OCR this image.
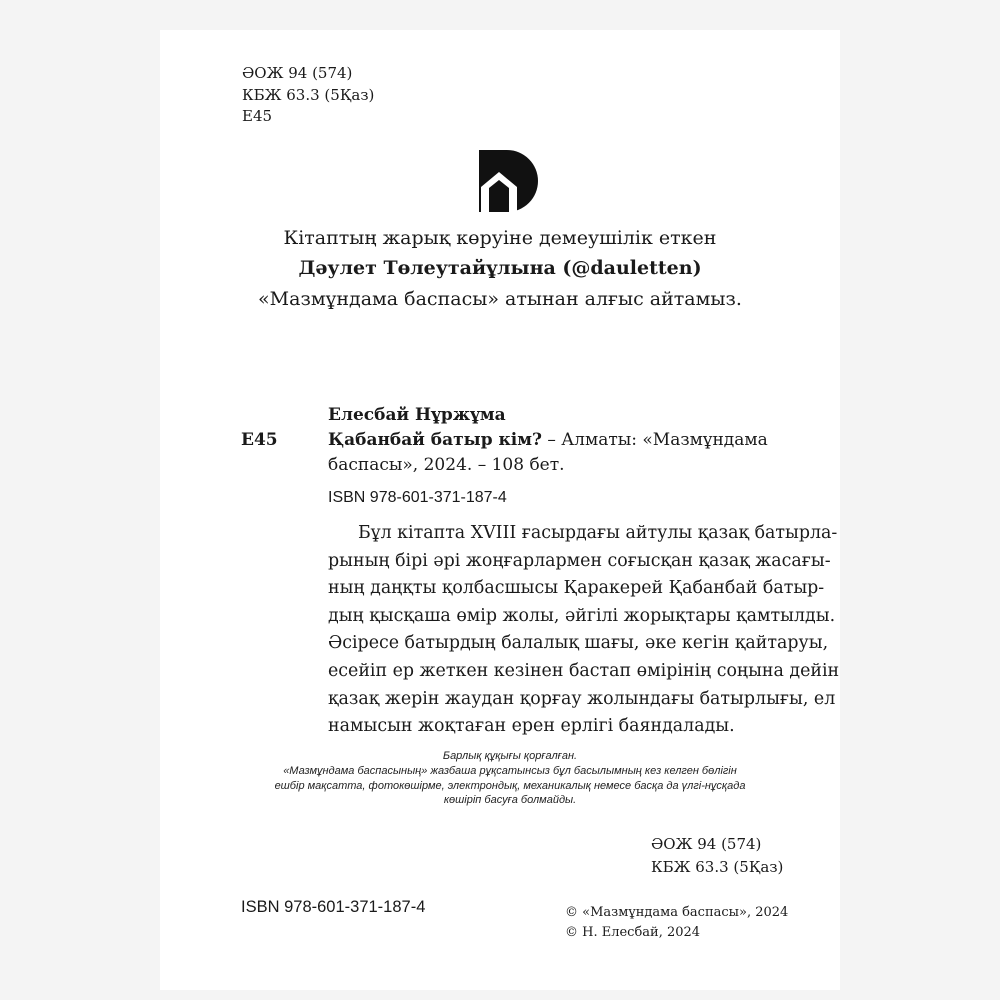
ӘОЖ 94 (574)
КБЖ 63.3 (5Қаз)
E45
Кітаптың жарық көруіне демеушілік еткен
Дәулет Төлеутайұлына (@dauletten)
«Мазмұндама баспасы» атынан алғыс айтамыз.
Елесбай Нұржұма
E45	Қабанбай батыр кім? – Алматы: «Мазмұндама
баспасы», 2024. – 108 бет.
ISBN 978-601-371-187-4
Бұл кітапта XVIII ғасырдағы айтулы қазақ батырла-
рының бірі әрі жоңғарлармен соғысқан қазақ жасағы-
ның даңқты қолбасшысы Қаракерей Қабанбай батыр-
дың қысқаша өмір жолы, әйгілі жорықтары қамтылды.
Әсіресе батырдың балалық шағы, әке кегін қайтаруы,
есейіп ер жеткен кезінен бастап өмірінің соңына дейін
қазақ жерін жаудан қорғау жолындағы батырлығы, ел
намысын жоқтаған ерен ерлігі баяндалады.
Барлық құқығы қорғалған.
«Мазмұндама баспасының» жазбаша рұқсатынсыз бұл басылымның кез келген бөлігін
ешбір мақсатта, фотокөшірме, электрондық, механикалық немесе басқа да үлгі-нұсқада
көшіріп басуға болмайды.
ӘОЖ 94 (574)
КБЖ 63.3 (5Қаз)
ISBN 978-601-371-187-4	© «Мазмұндама баспасы», 2024
© Н. Елесбай, 2024
